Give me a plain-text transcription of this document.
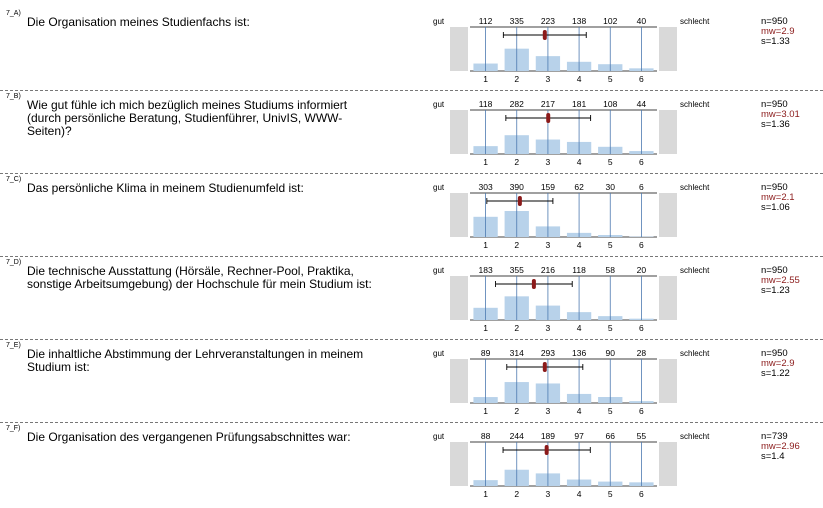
7_A)
Die Organisation meines Studienfachs ist:	gut	112 335 223 138 102 40
1	2	3	4	5	6
schlecht	n=950
mw=2.9
s=1.33
7_B)
Wie gut fühle ich mich bezüglich meines Studiums informiert (durch persönliche Beratung, Studienführer, UnivIS, WWW-Seiten)?
gut	118 282 217 181 108 44
1	2	3	4	5	6
schlecht	n=950
mw=3.01
s=1.36
7_C)
Das persönliche Klima in meinem Studienumfeld ist:	gut	303 390 159 62	30	6
1	2	3	4	5	6
schlecht	n=950
mw=2.1
s=1.06
7_D)
Die technische Ausstattung (Hörsäle, Rechner-Pool, Praktika, sonstige Arbeitsumgebung) der Hochschule für mein Studium ist:
gut	183 355 216 118 58	20
1	2	3	4	5	6
schlecht	n=950
mw=2.55
s=1.23
7_E)
Die inhaltliche Abstimmung der Lehrveranstaltungen in meinem Studium ist:
gut	89 314 293 136 90	28
1	2	3	4	5	6
schlecht	n=950
mw=2.9
s=1.22
7_F)
Die Organisation des vergangenen Prüfungsabschnittes war:	gut	88 244 189 97	66	55
1	2	3	4	5	6
schlecht	n=739
mw=2.96
s=1.4
